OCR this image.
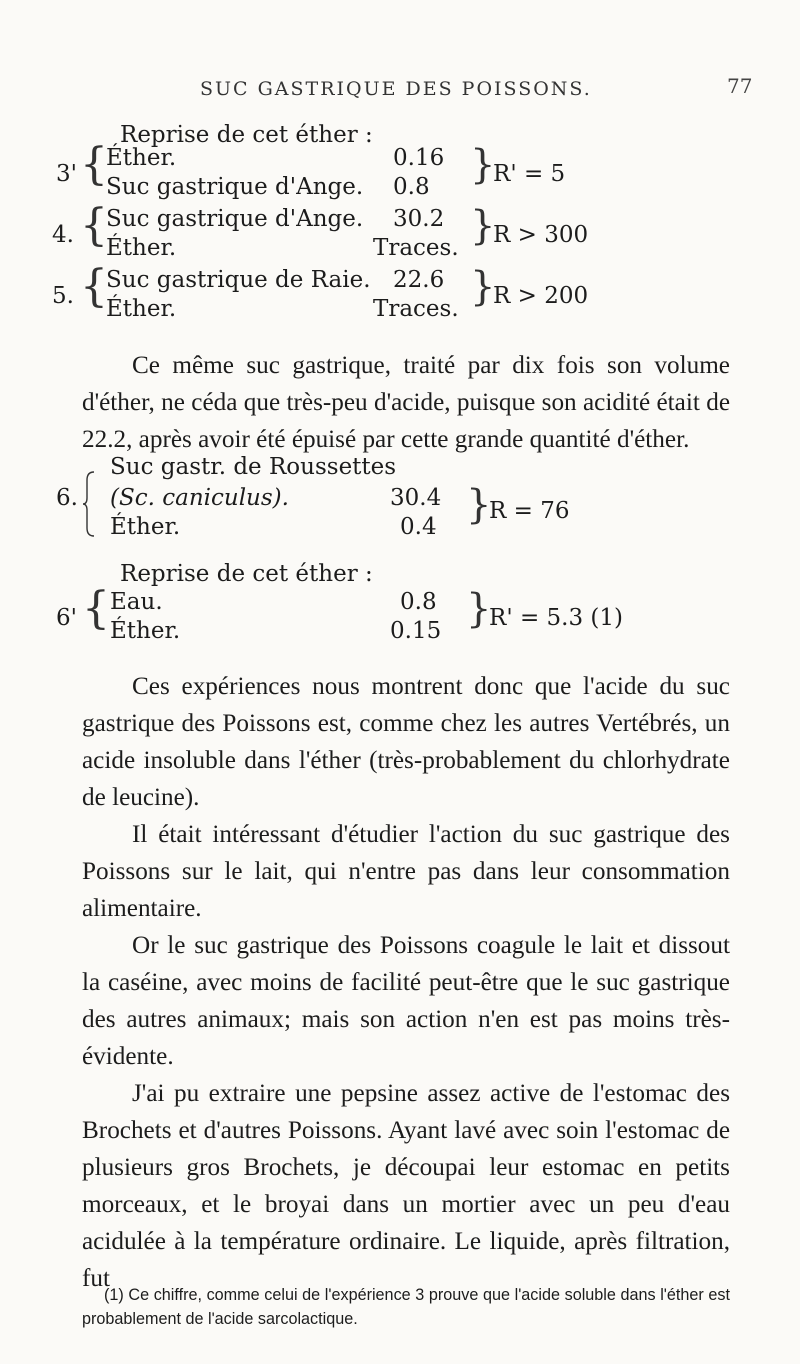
SUC GASTRIQUE DES POISSONS.	77
Reprise de cet éther :
3' {
Éther.	0.16
Suc gastrique d'Ange. 0.8 }
R' = 5
4. {
Suc gastrique d'Ange. 30.2
Éther.	Traces. }
R > 300
5. {
Suc gastrique de Raie. 22.6
Éther.	Traces. }
R > 200

Ce même suc gastrique, traité par dix fois son volume d'éther, ne céda que très-peu d'acide, puisque son acidité était de 22.2, après avoir été épuisé par cette grande quantité d'éther.

6.
Suc gastr. de Roussettes
(Sc. caniculus).	30.4
Éther.	0.4 }
R = 76
Reprise de cet éther :
6' { Eau.	0.8
Éther.	0.15 }
R' = 5.3 (1)

Ces expériences nous montrent donc que l'acide du suc gastrique des Poissons est, comme chez les autres Vertébrés, un acide insoluble dans l'éther (très-probablement du chlorhydrate de leucine).

Il était intéressant d'étudier l'action du suc gastrique des Poissons sur le lait, qui n'entre pas dans leur consommation alimentaire.

Or le suc gastrique des Poissons coagule le lait et dissout la caséine, avec moins de facilité peut-être que le suc gastrique des autres animaux; mais son action n'en est pas moins très-évidente.

J'ai pu extraire une pepsine assez active de l'estomac des Brochets et d'autres Poissons. Ayant lavé avec soin l'estomac de plusieurs gros Brochets, je découpai leur estomac en petits morceaux, et le broyai dans un mortier avec un peu d'eau acidulée à la température ordinaire. Le liquide, après filtration, fut

(1) Ce chiffre, comme celui de l'expérience 3 prouve que l'acide soluble dans l'éther est probablement de l'acide sarcolactique.
